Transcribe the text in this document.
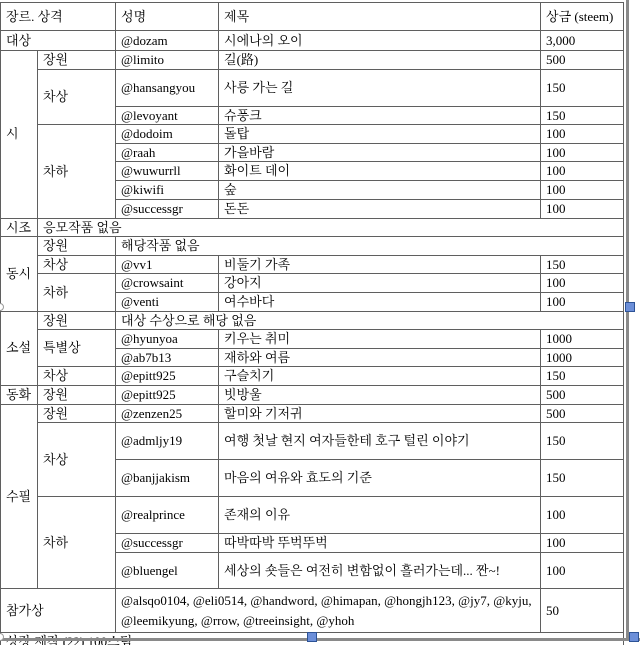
장르. 상격		성명	제목	상금 (steem)
대상		@dozam	시에나의 오이	3,000
시	장원	@limito	길(路)	500
	차상	@hansangyou	사릉 가는 길	150
		@levoyant	슈풍크	150
	차하	@dodoim	돌탑	100
		@raah	가을바람	100
		@wuwurrll	화이트 데이	100
		@kiwifi	숲	100
		@successgr	돈돈	100
시조	응모작품 없음			
동시	장원	해당작품 없음		
	차상	@vv1	비둘기 가족	150
	차하	@crowsaint	강아지	100
		@venti	여수바다	100
소설	장원	대상 수상으로 해당 없음		
	특별상	@hyunyoa	키우는 취미	1000
		@ab7b13	재하와 여름	1000
	차상	@epitt925	구슬치기	150
동화	장원	@epitt925	빗방울	500
수필	장원	@zenzen25	할미와 기저귀	500
	차상	@admljy19	여행 첫날 현지 여자들한테 호구 털린 이야기	150
		@banjjakism	마음의 여유와 효도의 기준	150
	차하	@realprince	존재의 이유	100
		@successgr	따박따박 뚜벅뚜벅	100
		@bluengel	세상의 숏들은 여전히 변함없이 흘러가는데... 짠~!	100
참가상		@alsqo0104, @eli0514, @handword, @himapan, @hongjh123, @jy7, @kyju, @leemikyung, @rrow, @treeinsight, @yhoh		50
